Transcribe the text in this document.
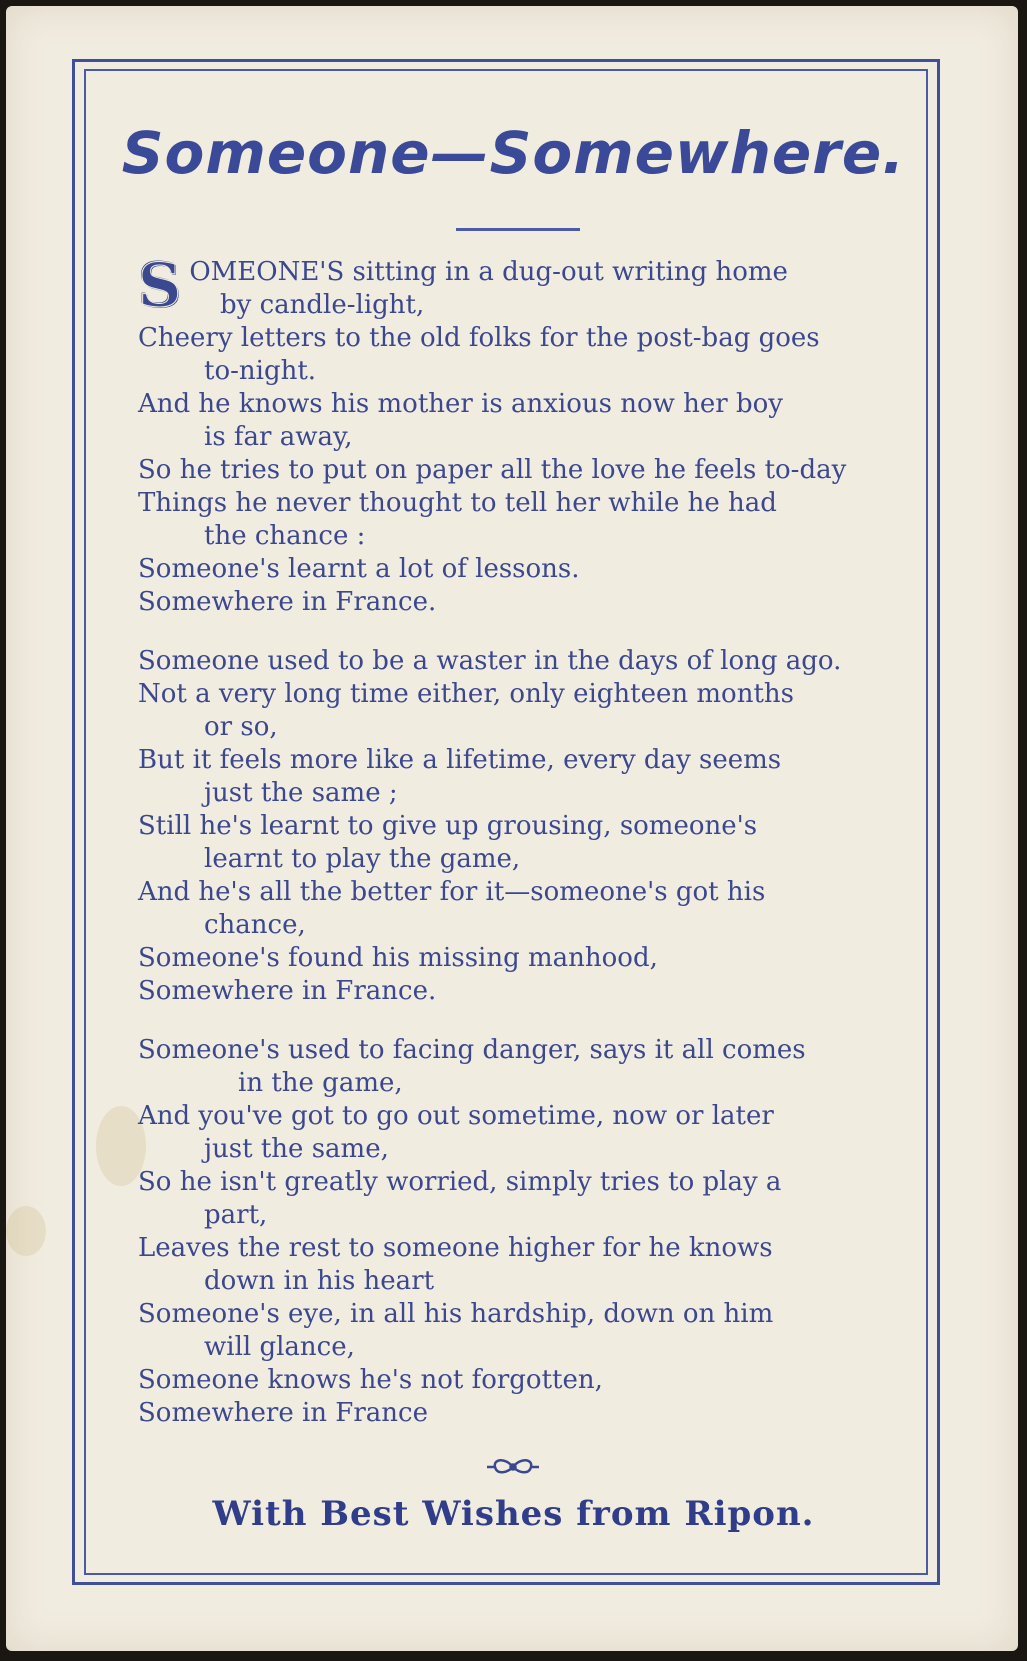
Someone—Somewhere.
SOMEONE'S sitting in a dug-out writing home
by candle-light,
Cheery letters to the old folks for the post-bag goes
to-night.
And he knows his mother is anxious now her boy
is far away,
So he tries to put on paper all the love he feels to-day
Things he never thought to tell her while he had
the chance :
Someone's learnt a lot of lessons.
Somewhere in France.
Someone used to be a waster in the days of long ago.
Not a very long time either, only eighteen months
or so,
But it feels more like a lifetime, every day seems
just the same ;
Still he's learnt to give up grousing, someone's
learnt to play the game,
And he's all the better for it—someone's got his
chance,
Someone's found his missing manhood,
Somewhere in France.
Someone's used to facing danger, says it all comes
in the game,
And you've got to go out sometime, now or later
just the same,
So he isn't greatly worried, simply tries to play a
part,
Leaves the rest to someone higher for he knows
down in his heart
Someone's eye, in all his hardship, down on him
will glance,
Someone knows he's not forgotten,
Somewhere in France
With Best Wishes from Ripon.
